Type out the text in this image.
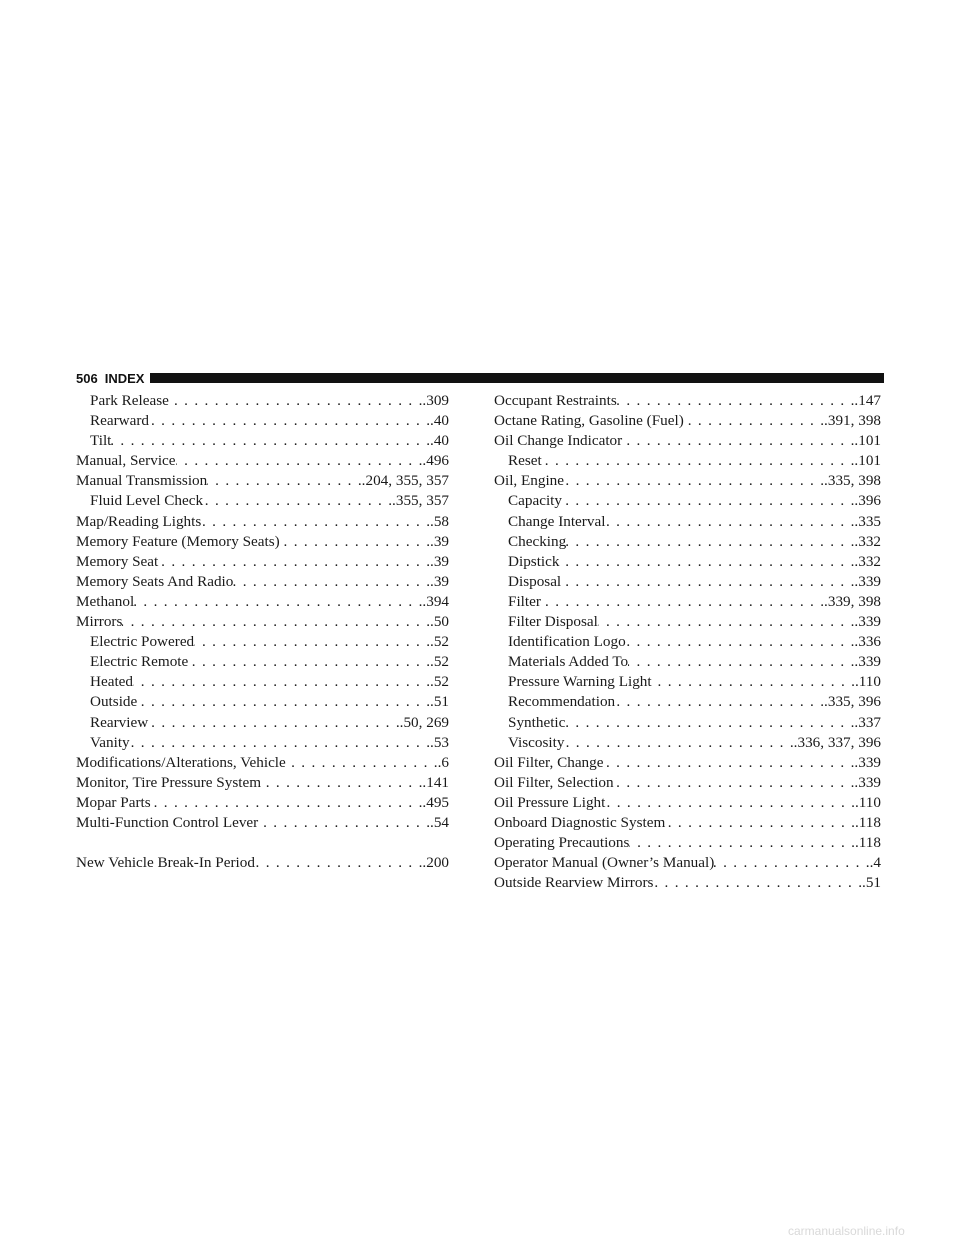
506 INDEX
Park Release . . .	.309
Rearward . . .	.40
Tilt . . .	.40
Manual, Service . . .	.496
Manual Transmission . . .	.204, 355, 357
Fluid Level Check . . .	.355, 357
Map/Reading Lights . . .	.58
Memory Feature (Memory Seats) . . .	.39
Memory Seat . . .	.39
Memory Seats And Radio . . .	.39
Methanol . . .	.394
Mirrors . . .	.50
Electric Powered . . .	.52
Electric Remote . . .	.52
Heated . . .	.52
Outside . . .	.51
Rearview . . .	.50, 269
Vanity . . .	.53
Modifications/Alterations, Vehicle . . .	.6
Monitor, Tire Pressure System . . .	.141
Mopar Parts . . .	.495
Multi-Function Control Lever . . .	.54
New Vehicle Break-In Period . . .	.200
Occupant Restraints . . .	.147
Octane Rating, Gasoline (Fuel) . . .	.391, 398
Oil Change Indicator . . .	.101
Reset . . .	.101
Oil, Engine . . .	.335, 398
Capacity . . .	.396
Change Interval . . .	.335
Checking . . .	.332
Dipstick . . .	.332
Disposal . . .	.339
Filter . . .	.339, 398
Filter Disposal . . .	.339
Identification Logo . . .	.336
Materials Added To . . .	.339
Pressure Warning Light . . .	.110
Recommendation . . .	.335, 396
Synthetic . . .	.337
Viscosity . . .	.336, 337, 396
Oil Filter, Change . . .	.339
Oil Filter, Selection . . .	.339
Oil Pressure Light . . .	.110
Onboard Diagnostic System . . .	.118
Operating Precautions . . .	.118
Operator Manual (Owner’s Manual) . . .	.4
Outside Rearview Mirrors . . .	.51
carmanualsonline.info
